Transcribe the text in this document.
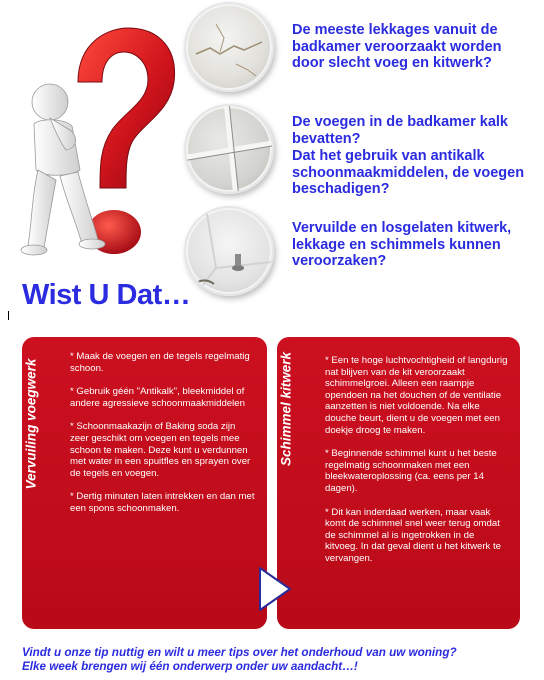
De meeste lekkages vanuit de badkamer veroorzaakt worden door slecht voeg en kitwerk?

De voegen in de badkamer kalk bevatten?

Dat het gebruik van antikalk schoonmaakmiddelen, de voegen beschadigen?

Vervuilde en losgelaten kitwerk, lekkage en schimmels kunnen veroorzaken?

Wist U Dat…
Vervuiling voegwerk
* Maak de voegen en de tegels regelmatig schoon.
* Gebruik géén "Antikalk", bleekmiddel of andere agressieve schoonmaakmiddelen
* Schoonmaakazijn of Baking soda zijn zeer geschikt om voegen en tegels mee schoon te maken. Deze kunt u verdunnen met water in een spuitfles en sprayen over de tegels en voegen.
* Dertig minuten laten intrekken en dan met een spons schoonmaken.
Schimmel kitwerk	* Een te hoge luchtvochtigheid of langdurig nat blijven van de kit veroorzaakt schimmelgroei. Alleen een raampje opendoen na het douchen of de ventilatie aanzetten is niet voldoende. Na elke douche beurt, dient u de voegen met een doekje droog te maken.
* Beginnende schimmel kunt u het beste regelmatig schoonmaken met een bleekwateroplossing (ca. eens per 14 dagen).
* Dit kan inderdaad werken, maar vaak komt de schimmel snel weer terug omdat de schimmel al is ingetrokken in de kitvoeg. In dat geval dient u het kitwerk te vervangen.

Vindt u onze tip nuttig en wilt u meer tips over het onderhoud van uw woning?
Elke week brengen wij één onderwerp onder uw aandacht…!
